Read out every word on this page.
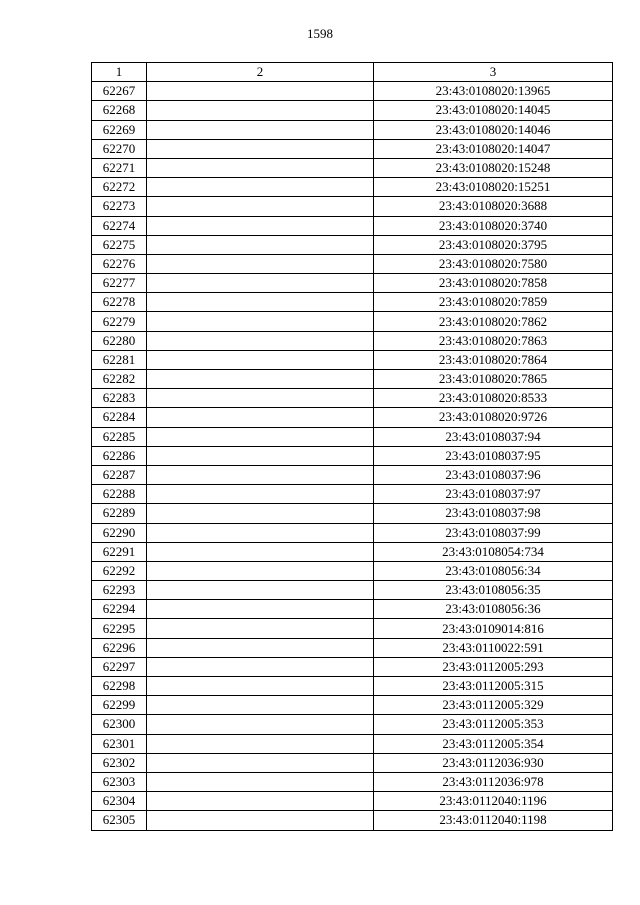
1598
1	2	3
62267		23:43:0108020:13965
62268		23:43:0108020:14045
62269		23:43:0108020:14046
62270		23:43:0108020:14047
62271		23:43:0108020:15248
62272		23:43:0108020:15251
62273		23:43:0108020:3688
62274		23:43:0108020:3740
62275		23:43:0108020:3795
62276		23:43:0108020:7580
62277		23:43:0108020:7858
62278		23:43:0108020:7859
62279		23:43:0108020:7862
62280		23:43:0108020:7863
62281		23:43:0108020:7864
62282		23:43:0108020:7865
62283		23:43:0108020:8533
62284		23:43:0108020:9726
62285		23:43:0108037:94
62286		23:43:0108037:95
62287		23:43:0108037:96
62288		23:43:0108037:97
62289		23:43:0108037:98
62290		23:43:0108037:99
62291		23:43:0108054:734
62292		23:43:0108056:34
62293		23:43:0108056:35
62294		23:43:0108056:36
62295		23:43:0109014:816
62296		23:43:0110022:591
62297		23:43:0112005:293
62298		23:43:0112005:315
62299		23:43:0112005:329
62300		23:43:0112005:353
62301		23:43:0112005:354
62302		23:43:0112036:930
62303		23:43:0112036:978
62304		23:43:0112040:1196
62305		23:43:0112040:1198
